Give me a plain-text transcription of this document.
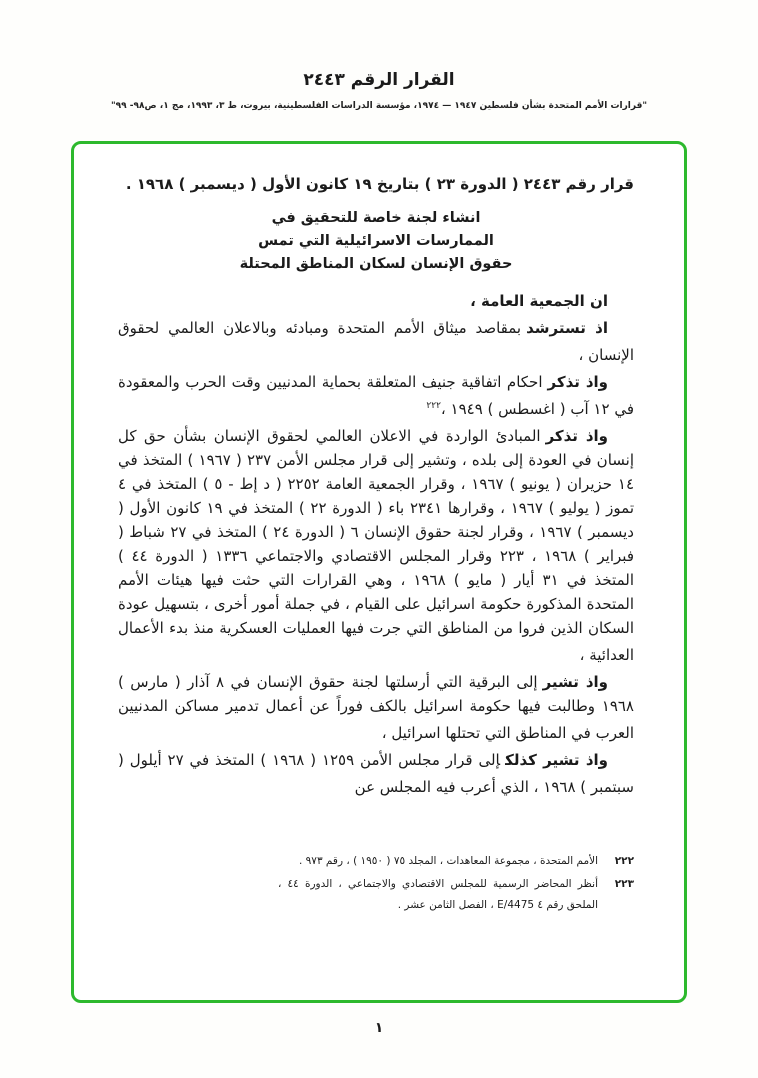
القرار الرقم ٢٤٤٣
"قرارات الأمم المتحدة بشأن فلسطين ١٩٤٧ — ١٩٧٤، مؤسسة الدراسات الفلسطينية، بيروت، ط ٣، ١٩٩٣، مج ١، ص٩٨- ٩٩"

قرار رقم ٢٤٤٣ ( الدورة ٢٣ ) بتاريخ ١٩ كانون الأول ( ديسمبر ) ١٩٦٨ .

انشاء لجنة خاصة للتحقيق في
الممارسات الاسرائيلية التي تمس
حقوق الإنسان لسكان المناطق المحتلة

ان الجمعية العامة ،

اذ تسترشدبمقاصد ميثاق الأمم المتحدة ومبادئه وبالاعلان العالمي لحقوق الإنسان ،

واذ تذكراحكام اتفاقية جنيف المتعلقة بحماية المدنيين وقت الحرب والمعقودة في ١٢ آب ( اغسطس ) ١٩٤٩ ،$^{٢٢٢}$

واذ تذكرالمبادئ الواردة في الاعلان العالمي لحقوق الإنسان بشأن حق كل إنسان في العودة إلى بلده ، وتشير إلى قرار مجلس الأمن ٢٣٧ ( ١٩٦٧ ) المتخذ في ١٤ حزيران ( يونيو ) ١٩٦٧ ، وقرار الجمعية العامة ٢٢٥٢ ( د إط - ٥ ) المتخذ في ٤ تموز ( يوليو ) ١٩٦٧ ، وقرارها ٢٣٤١ باء ( الدورة ٢٢ ) المتخذ في ١٩ كانون الأول ( ديسمبر ) ١٩٦٧ ، وقرار لجنة حقوق الإنسان ٦ ( الدورة ٢٤ ) المتخذ في ٢٧ شباط ( فبراير ) ١٩٦٨ ، ٢٢٣ وقرار المجلس الاقتصادي والاجتماعي ١٣٣٦ ( الدورة ٤٤ ) المتخذ في ٣١ أيار ( مايو ) ١٩٦٨ ، وهي القرارات التي حثت فيها هيئات الأمم المتحدة المذكورة حكومة اسرائيل على القيام ، في جملة أمور أخرى ، بتسهيل عودة السكان الذين فروا من المناطق التي جرت فيها العمليات العسكرية منذ بدء الأعمال العدائية ،

واذ تشيرإلى البرقية التي أرسلتها لجنة حقوق الإنسان في ٨ آذار ( مارس ) ١٩٦٨ وطالبت فيها حكومة اسرائيل بالكف فوراً عن أعمال تدمير مساكن المدنيين العرب في المناطق التي تحتلها اسرائيل ،

واذ تشير كذلكإلى قرار مجلس الأمن ١٢٥٩ ( ١٩٦٨ ) المتخذ في ٢٧ أيلول ( سبتمبر ) ١٩٦٨ ، الذي أعرب فيه المجلس عن

٢٢٢
الأمم المتحدة ، مجموعة المعاهدات ، المجلد ٧٥ ( ١٩٥٠ ) ، رقم ٩٧٣ .
٢٢٣
أنظر المحاضر الرسمية للمجلس الاقتصادي والاجتماعي ، الدورة ٤٤ ، الملحق رقم ٤ E/4475 ، الفصل الثامن عشر .
١
